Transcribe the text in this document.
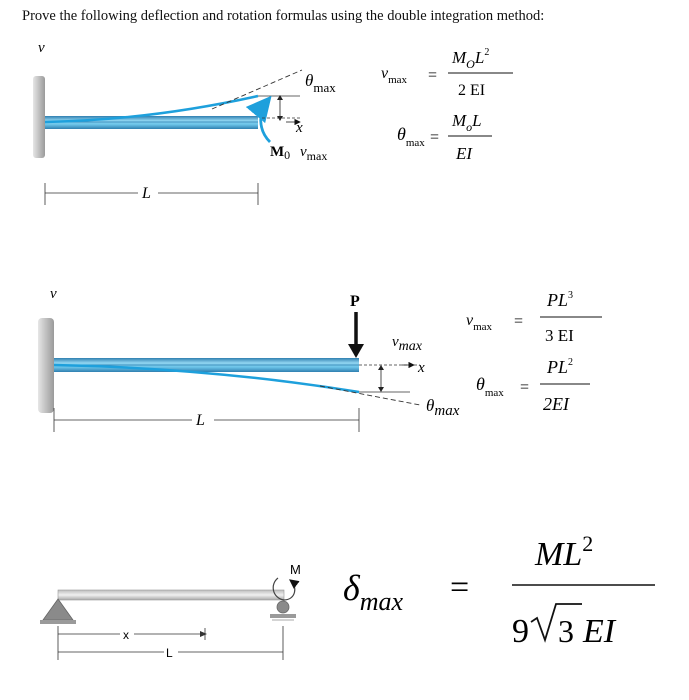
Prove the following deflection and rotation formulas using the double integration method:
v
$\theta_{max}$
x
$M_0$ $v_{max}$
L
$v_{max}$ =
$M_OL^2$
2 EI
$\theta_{max}$ =
$M_oL$
EI
v	P
vmax
x
θmax
L
$v_{max}$ =
$PL^3$
3 EI
$\theta_{max}$ =
$PL^2$
2EI
M
x
L
$\delta_{max}$ =
$ML^2$
9 3 EI
